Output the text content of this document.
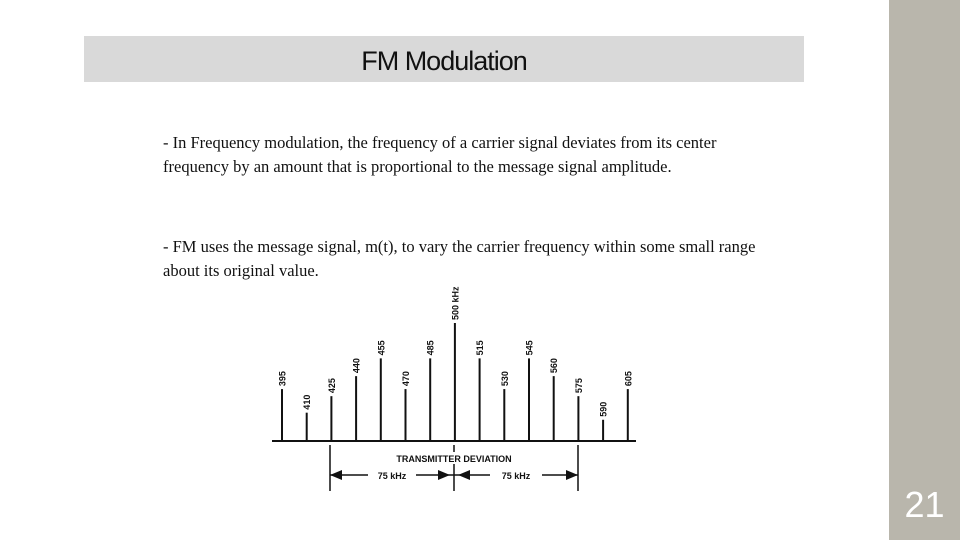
21
FM Modulation

- In Frequency modulation, the frequency of a carrier signal deviates from its center frequency by an amount that is proportional to the message signal amplitude.

- FM uses the message signal, m(t), to vary the carrier frequency within some small range about its original value.

TRANSMITTER DEVIATION
75 kHz	75 kHz
395
410
425
440
455
470
485
500 kHz
515
530
545
560
575
590
605
